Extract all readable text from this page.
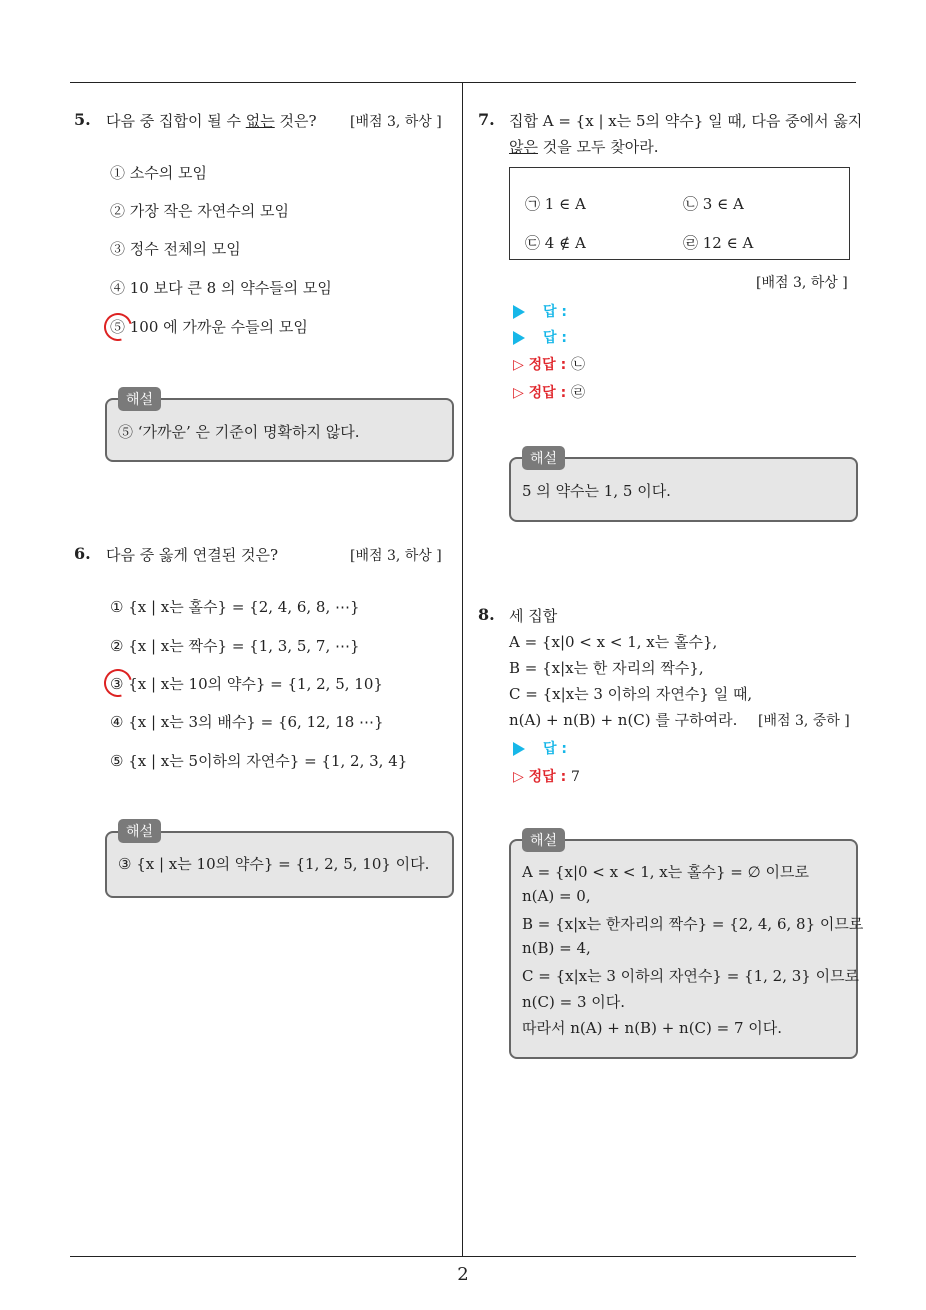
2
5. 다음 중 집합이 될 수 없는 것은? [배점 3, 하상 ]
① 소수의 모임
② 가장 작은 자연수의 모임
③ 정수 전체의 모임
④ 10 보다 큰 8 의 약수들의 모임
⑤ 100 에 가까운 수들의 모임
해설
⑤ ‘가까운’ 은 기준이 명확하지 않다.
6. 다음 중 옳게 연결된 것은?	[배점 3, 하상 ]
① {x | x는 홀수} = {2, 4, 6, 8, ⋯}
② {x | x는 짝수} = {1, 3, 5, 7, ⋯}
③ {x | x는 10의 약수} = {1, 2, 5, 10}
④ {x | x는 3의 배수} = {6, 12, 18 ⋯}
⑤ {x | x는 5이하의 자연수} = {1, 2, 3, 4}
해설
③ {x | x는 10의 약수} = {1, 2, 5, 10} 이다.
7. 집합 A = {x | x는 5의 약수} 일 때, 다음 중에서 옳지
않은 것을 모두 찾아라.
㉠ 1 ∈ A	㉡ 3 ∈ A
㉢ 4 ∉ A	㉣ 12 ∈ A
[배점 3, 하상 ]
답 :
답 :
▷ 정답 : ㉡
▷ 정답 : ㉣
해설
5 의 약수는 1, 5 이다.
8. 세 집합
A = {x|0 < x < 1, x는 홀수},
B = {x|x는 한 자리의 짝수},
C = {x|x는 3 이하의 자연수} 일 때,
n(A) + n(B) + n(C) 를 구하여라. [배점 3, 중하 ]
답 :
▷ 정답 : 7
해설
A = {x|0 < x < 1, x는 홀수} = ∅ 이므로
n(A) = 0,
B = {x|x는 한자리의 짝수} = {2, 4, 6, 8} 이므로
n(B) = 4,
C = {x|x는 3 이하의 자연수} = {1, 2, 3} 이므로
n(C) = 3 이다.
따라서 n(A) + n(B) + n(C) = 7 이다.
